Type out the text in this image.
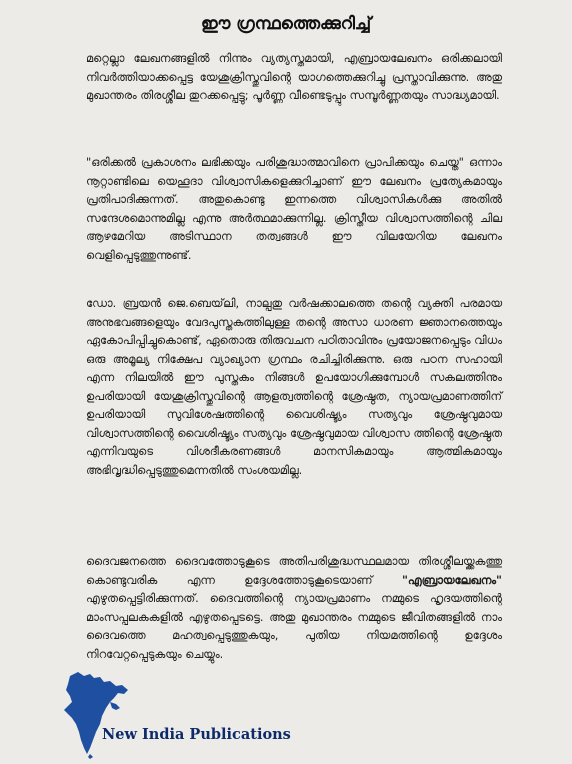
ഈ ഗ്രന്ഥത്തെക്കുറിച്ച്

മറ്റെല്ലാ ലേഖനങ്ങളിൽ നിന്നും വ്യത്യസ്തമായി, എബ്രായലേഖനം ഒരിക്കലായി നിവർത്തിയാക്കപ്പെട്ട യേശുക്രിസ്തുവിന്റെ യാഗത്തെക്കുറിച്ചു പ്രസ്താവിക്കുന്നു. അതു മുഖാന്തരം തിരശ്ശീല തുറക്കപ്പെട്ടു; പൂർണ്ണ വീണ്ടെടുപ്പും സമ്പൂർണ്ണതയും സാദ്ധ്യമായി.

"ഒരിക്കൽ പ്രകാശനം ലഭിക്കയും പരിശുദ്ധാത്മാവിനെ പ്രാപിക്കയും ചെയ്ത" ഒന്നാം നൂറ്റാണ്ടിലെ യെഹൂദാ വിശ്വാസികളെക്കുറിച്ചാണ് ഈ ലേഖനം പ്രത്യേകമായും പ്രതിപാദിക്കുന്നത്. അതുകൊണ്ടു ഇന്നത്തെ വിശ്വാസികൾക്കു അതിൽ സന്ദേശമൊന്നുമില്ല എന്നു അർത്ഥമാക്കുന്നില്ല. ക്രിസ്തീയ വിശ്വാസത്തിന്റെ ചില ആഴമേറിയ അടിസ്ഥാന തത്വങ്ങൾ ഈ വിലയേറിയ ലേഖനം വെളിപ്പെടുത്തുന്നുണ്ട്.

ഡോ. ബ്രയൻ ജെ.ബെയ്‌ലി, നാല്പതു വർഷക്കാലത്തെ തന്റെ വ്യക്തി പരമായ അനുഭവങ്ങളെയും വേദപുസ്തകത്തിലുള്ള തന്റെ അസാ ധാരണ ജ്ഞാനത്തെയും ഏകോപിപ്പിച്ചുകൊണ്ട്, ഏതൊരു തിരുവചന പഠിതാവിനും പ്രയോജനപ്പെടും വിധം ഒരു അമൂല്യ നിക്ഷേപ വ്യാഖ്യാന ഗ്രന്ഥം രചിച്ചിരിക്കുന്നു. ഒരു പഠന സഹായി എന്ന നിലയിൽ ഈ പുസ്തകം നിങ്ങൾ ഉപയോഗിക്കുമ്പോൾ സകലത്തിനും ഉപരിയായി യേശുക്രിസ്തുവിന്റെ ആളത്വത്തിന്റെ ശ്രേഷ്ഠത, ന്യായപ്രമാണത്തിന് ഉപരിയായി സുവിശേഷത്തിന്റെ വൈശിഷ്ട്യം സത്യവും ശ്രേഷ്ഠവുമായ വിശ്വാസത്തിന്റെ വൈശിഷ്ട്യം സത്യവും ശ്രേഷ്ഠവുമായ വിശ്വാസ ത്തിന്റെ ശ്രേഷ്ഠത എന്നിവയുടെ വിശദീകരണങ്ങൾ മാനസികമായും ആത്മികമായും അഭിവൃദ്ധിപ്പെടുത്തുമെന്നതിൽ സംശയമില്ല.

ദൈവജനത്തെ ദൈവത്തോടുകൂടെ അതിപരിശുദ്ധസ്ഥലമായ തിരശ്ശീലയ്ക്കകത്തു കൊണ്ടുവരിക എന്ന ഉദ്ദേശത്തോടുകൂടെയാണ് "എബ്രായലേഖനം" എഴുതപ്പെട്ടിരിക്കുന്നത്. ദൈവത്തിന്റെ ന്യായപ്രമാണം നമ്മുടെ ഹൃദയത്തിന്റെ മാംസപ്പലകകളിൽ എഴുതപ്പെടട്ടെ. അതു മുഖാന്തരം നമ്മുടെ ജീവിതങ്ങളിൽ നാം ദൈവത്തെ മഹത്വപ്പെടുത്തുകയും, പുതിയ നിയമത്തിന്റെ ഉദ്ദേശം നിറവേറ്റപ്പെടുകയും ചെയ്യും.

New India Publications
